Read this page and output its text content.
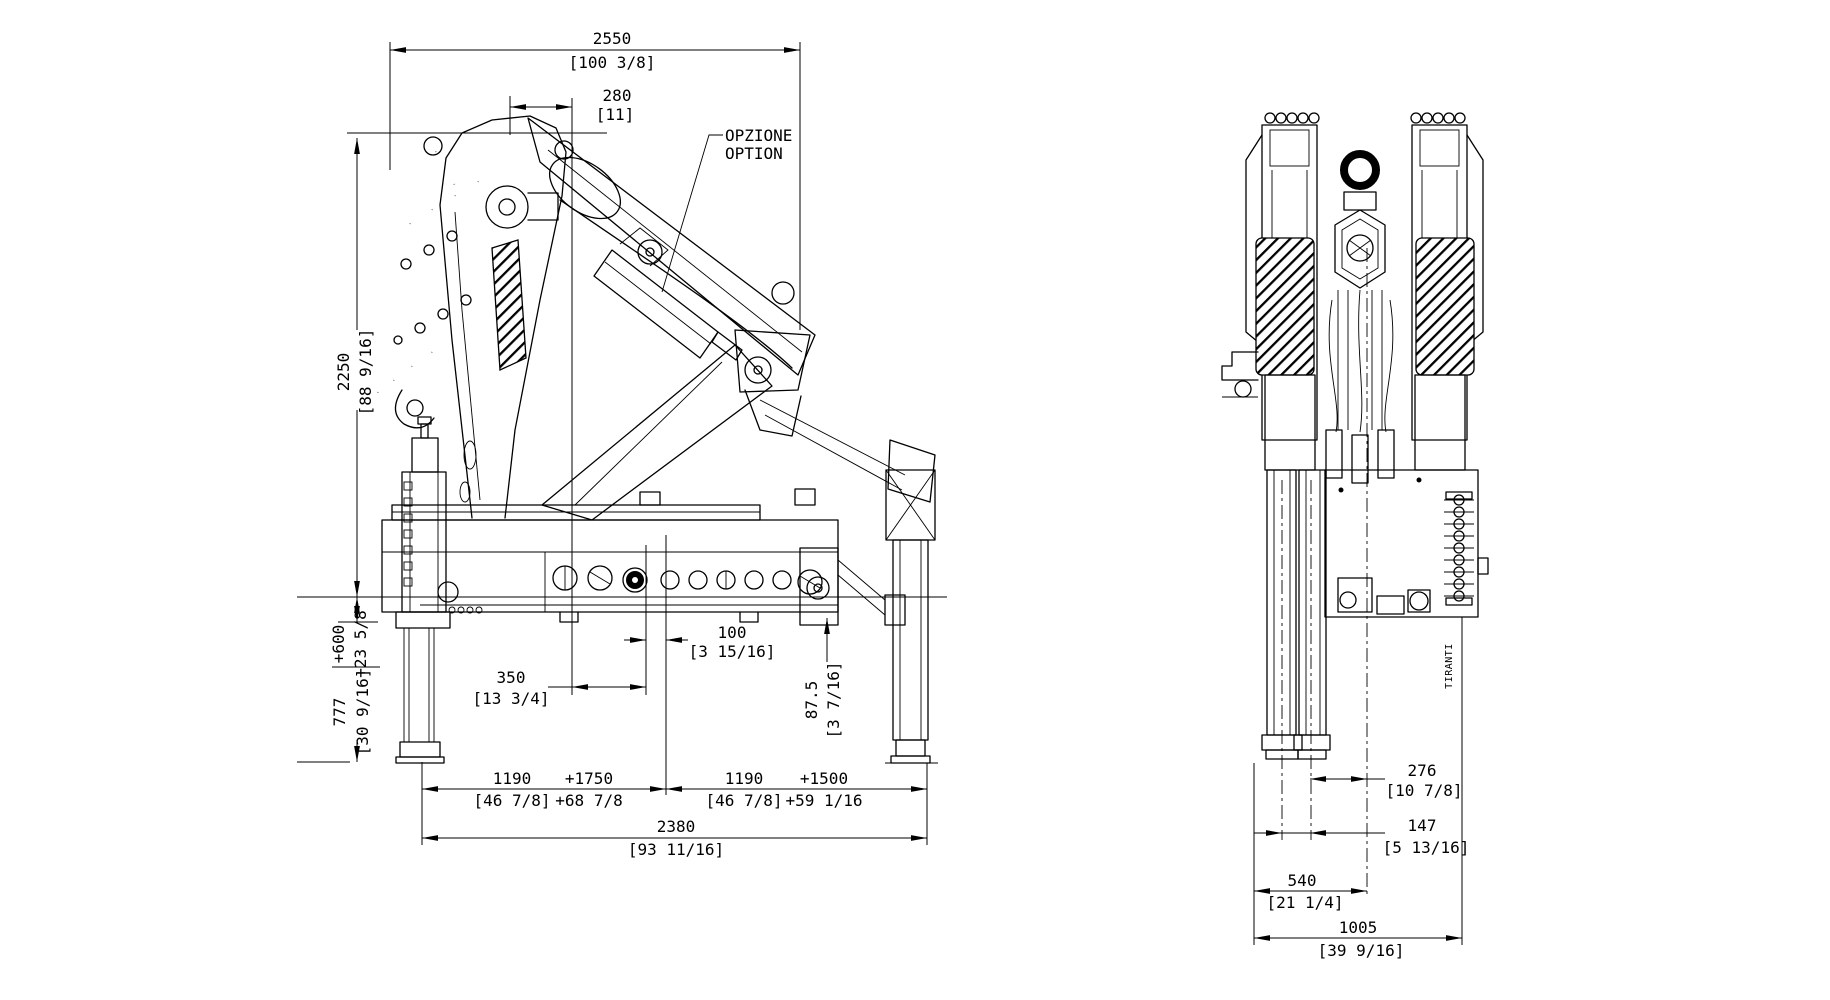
2550
[100 3/8]
280
[11]
2250 [88 9/16]
+600 +23 5/8
777 [30 9/16]	350
[13 3/4]
100
[3 15/16]
87.5 [3 7/16]
1190
[46 7/8]
+1750
+68 7/8
1190
[46 7/8]
+1500
+59 1/16
2380
[93 11/16]
OPZIONE
OPTION
TIRANTI
276
[10 7/8]
147
[5 13/16]
540
[21 1/4]
1005
[39 9/16]
